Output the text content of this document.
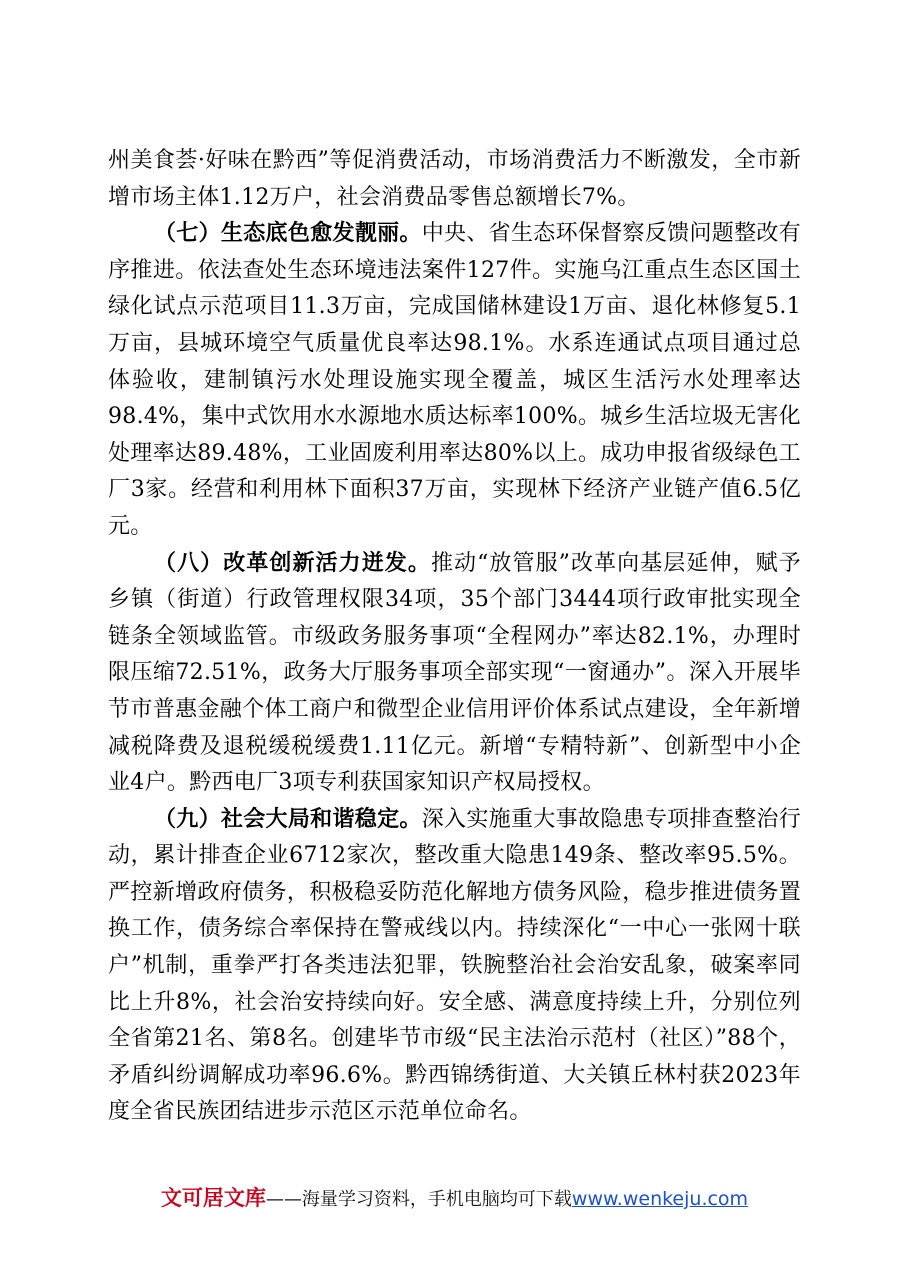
州美食荟·好味在黔西”等促消费活动，市场消费活力不断激发，全市新增市场主体1.12万户，社会消费品零售总额增长7%。

（七）生态底色愈发靓丽。中央、省生态环保督察反馈问题整改有序推进。依法查处生态环境违法案件127件。实施乌江重点生态区国土绿化试点示范项目11.3万亩，完成国储林建设1万亩、退化林修复5.1万亩，县城环境空气质量优良率达98.1%。水系连通试点项目通过总体验收，建制镇污水处理设施实现全覆盖，城区生活污水处理率达98.4%，集中式饮用水水源地水质达标率100%。城乡生活垃圾无害化处理率达89.48%，工业固废利用率达80%以上。成功申报省级绿色工厂3家。经营和利用林下面积37万亩，实现林下经济产业链产值6.5亿元。

（八）改革创新活力迸发。推动“放管服”改革向基层延伸，赋予乡镇（街道）行政管理权限34项，35个部门3444项行政审批实现全链条全领域监管。市级政务服务事项“全程网办”率达82.1%，办理时限压缩72.51%，政务大厅服务事项全部实现“一窗通办”。深入开展毕节市普惠金融个体工商户和微型企业信用评价体系试点建设，全年新增减税降费及退税缓税缓费1.11亿元。新增“专精特新”、创新型中小企业4户。黔西电厂3项专利获国家知识产权局授权。

（九）社会大局和谐稳定。深入实施重大事故隐患专项排查整治行动，累计排查企业6712家次，整改重大隐患149条、整改率95.5%。严控新增政府债务，积极稳妥防范化解地方债务风险，稳步推进债务置换工作，债务综合率保持在警戒线以内。持续深化“一中心一张网十联户”机制，重拳严打各类违法犯罪，铁腕整治社会治安乱象，破案率同比上升8%，社会治安持续向好。安全感、满意度持续上升，分别位列全省第21名、第8名。创建毕节市级“民主法治示范村（社区）”88个，矛盾纠纷调解成功率96.6%。黔西锦绣街道、大关镇丘林村获2023年度全省民族团结进步示范区示范单位命名。

文可居文库——海量学习资料，手机电脑均可下载www.wenkeju.com
